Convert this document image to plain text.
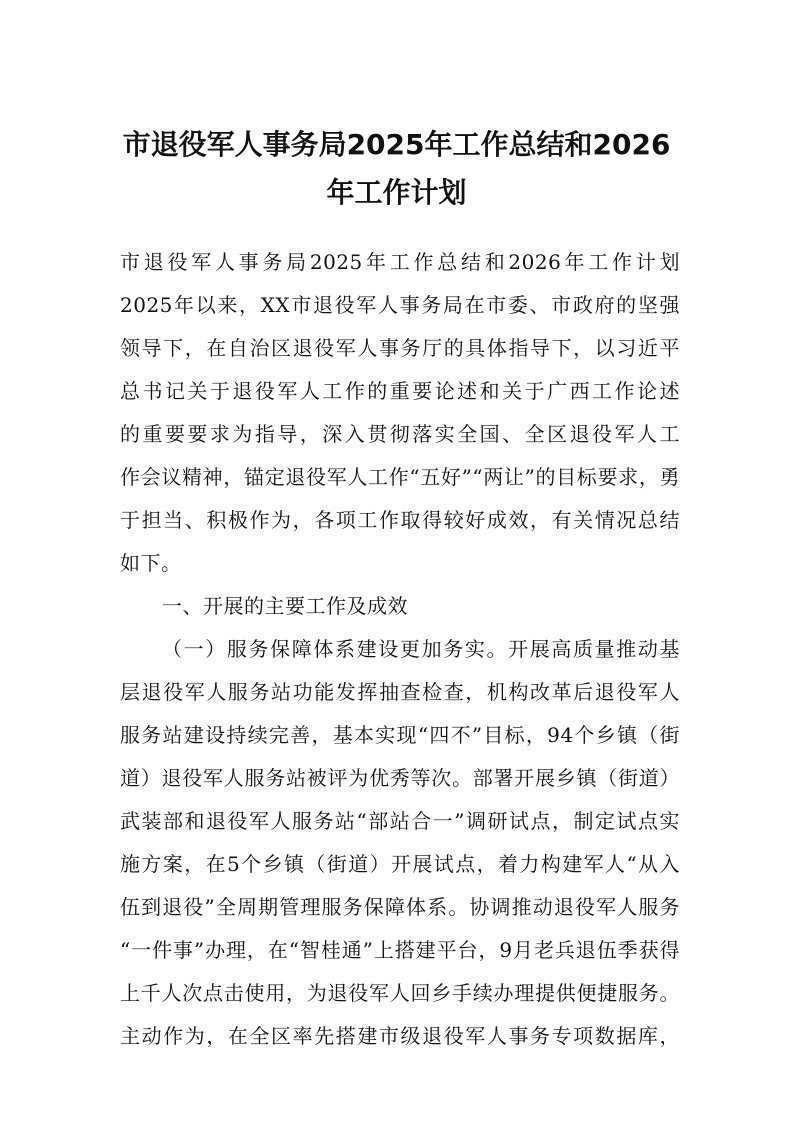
市退役军人事务局2025年工作总结和2026
年工作计划
市退役军人事务局2025年工作总结和2026年工作计划
2025年以来，XX市退役军人事务局在市委、市政府的坚强
领导下，在自治区退役军人事务厅的具体指导下，以习近平
总书记关于退役军人工作的重要论述和关于广西工作论述
的重要要求为指导，深入贯彻落实全国、全区退役军人工
作会议精神，锚定退役军人工作“五好”“两让”的目标要求，勇
于担当、积极作为，各项工作取得较好成效，有关情况总结
如下。
一、开展的主要工作及成效
（一）服务保障体系建设更加务实。开展高质量推动基
层退役军人服务站功能发挥抽查检查，机构改革后退役军人
服务站建设持续完善，基本实现“四不”目标，94个乡镇（街
道）退役军人服务站被评为优秀等次。部署开展乡镇（街道）
武装部和退役军人服务站“部站合一”调研试点，制定试点实
施方案，在5个乡镇（街道）开展试点，着力构建军人“从入
伍到退役”全周期管理服务保障体系。协调推动退役军人服务
“一件事”办理，在“智桂通”上搭建平台，9月老兵退伍季获得
上千人次点击使用，为退役军人回乡手续办理提供便捷服务。
主动作为，在全区率先搭建市级退役军人事务专项数据库，
